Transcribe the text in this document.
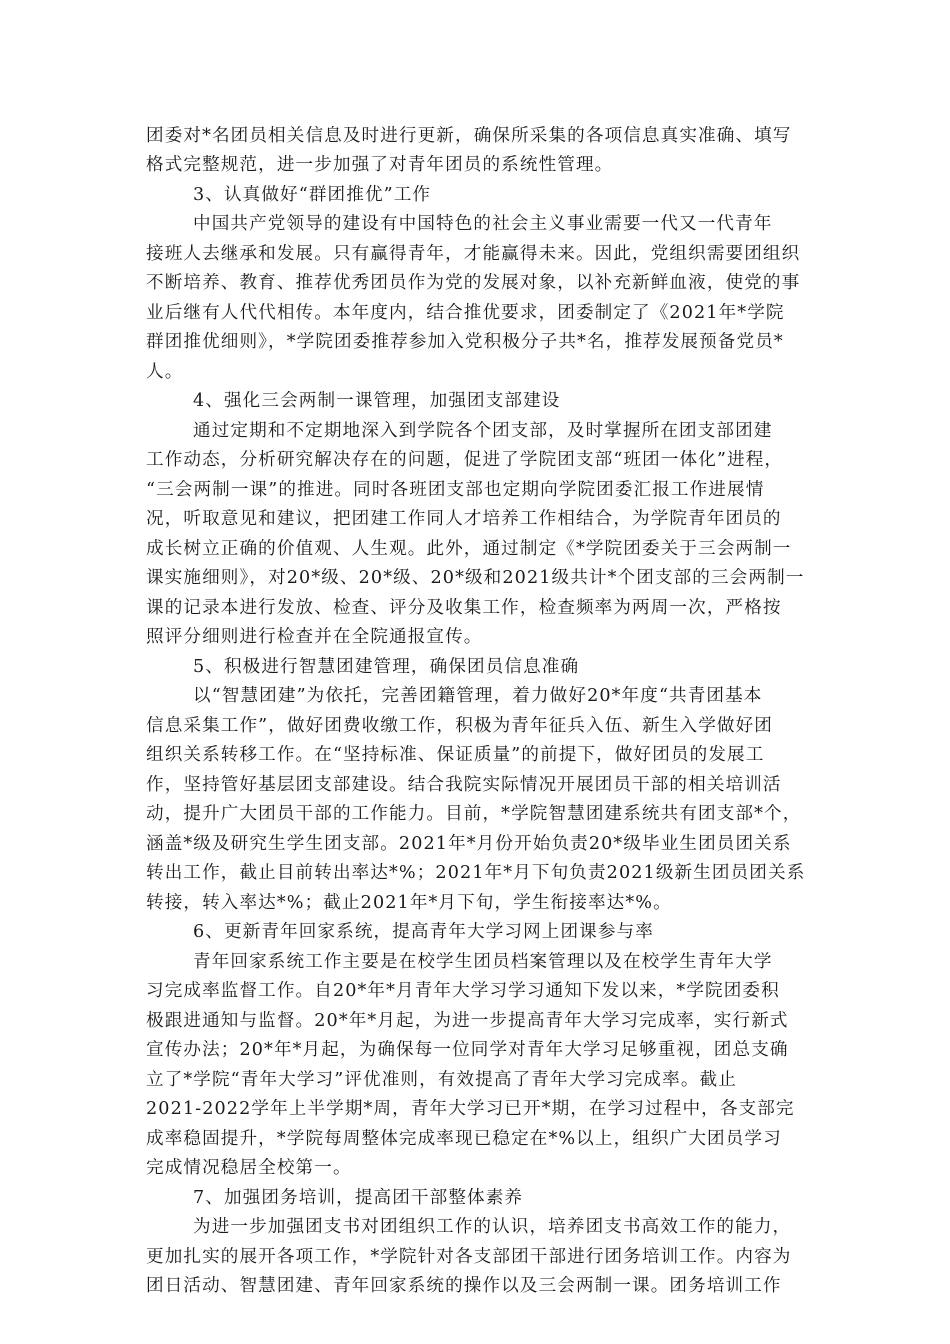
团委对*名团员相关信息及时进行更新，确保所采集的各项信息真实准确、填写
格式完整规范，进一步加强了对青年团员的系统性管理。
3、认真做好“群团推优”工作
中国共产党领导的建设有中国特色的社会主义事业需要一代又一代青年
接班人去继承和发展。只有赢得青年，才能赢得未来。因此，党组织需要团组织
不断培养、教育、推荐优秀团员作为党的发展对象，以补充新鲜血液，使党的事
业后继有人代代相传。本年度内，结合推优要求，团委制定了《2021年*学院
群团推优细则》，*学院团委推荐参加入党积极分子共*名，推荐发展预备党员*
人。
4、强化三会两制一课管理，加强团支部建设
通过定期和不定期地深入到学院各个团支部，及时掌握所在团支部团建
工作动态，分析研究解决存在的问题，促进了学院团支部“班团一体化”进程，
“三会两制一课”的推进。同时各班团支部也定期向学院团委汇报工作进展情
况，听取意见和建议，把团建工作同人才培养工作相结合，为学院青年团员的
成长树立正确的价值观、人生观。此外，通过制定《*学院团委关于三会两制一
课实施细则》，对20*级、20*级、20*级和2021级共计*个团支部的三会两制一
课的记录本进行发放、检查、评分及收集工作，检查频率为两周一次，严格按
照评分细则进行检查并在全院通报宣传。
5、积极进行智慧团建管理，确保团员信息准确
以“智慧团建”为依托，完善团籍管理，着力做好20*年度“共青团基本
信息采集工作”，做好团费收缴工作，积极为青年征兵入伍、新生入学做好团
组织关系转移工作。在“坚持标准、保证质量”的前提下，做好团员的发展工
作，坚持管好基层团支部建设。结合我院实际情况开展团员干部的相关培训活
动，提升广大团员干部的工作能力。目前，*学院智慧团建系统共有团支部*个，
涵盖*级及研究生学生团支部。2021年*月份开始负责20*级毕业生团员团关系
转出工作，截止目前转出率达*%；2021年*月下旬负责2021级新生团员团关系
转接，转入率达*%；截止2021年*月下旬，学生衔接率达*%。
6、更新青年回家系统，提高青年大学习网上团课参与率
青年回家系统工作主要是在校学生团员档案管理以及在校学生青年大学
习完成率监督工作。自20*年*月青年大学习学习通知下发以来，*学院团委积
极跟进通知与监督。20*年*月起，为进一步提高青年大学习完成率，实行新式
宣传办法；20*年*月起，为确保每一位同学对青年大学习足够重视，团总支确
立了*学院“青年大学习”评优准则，有效提高了青年大学习完成率。截止
2021-2022学年上半学期*周，青年大学习已开*期，在学习过程中，各支部完
成率稳固提升，*学院每周整体完成率现已稳定在*%以上，组织广大团员学习
完成情况稳居全校第一。
7、加强团务培训，提高团干部整体素养
为进一步加强团支书对团组织工作的认识，培养团支书高效工作的能力，
更加扎实的展开各项工作，*学院针对各支部团干部进行团务培训工作。内容为
团日活动、智慧团建、青年回家系统的操作以及三会两制一课。团务培训工作
